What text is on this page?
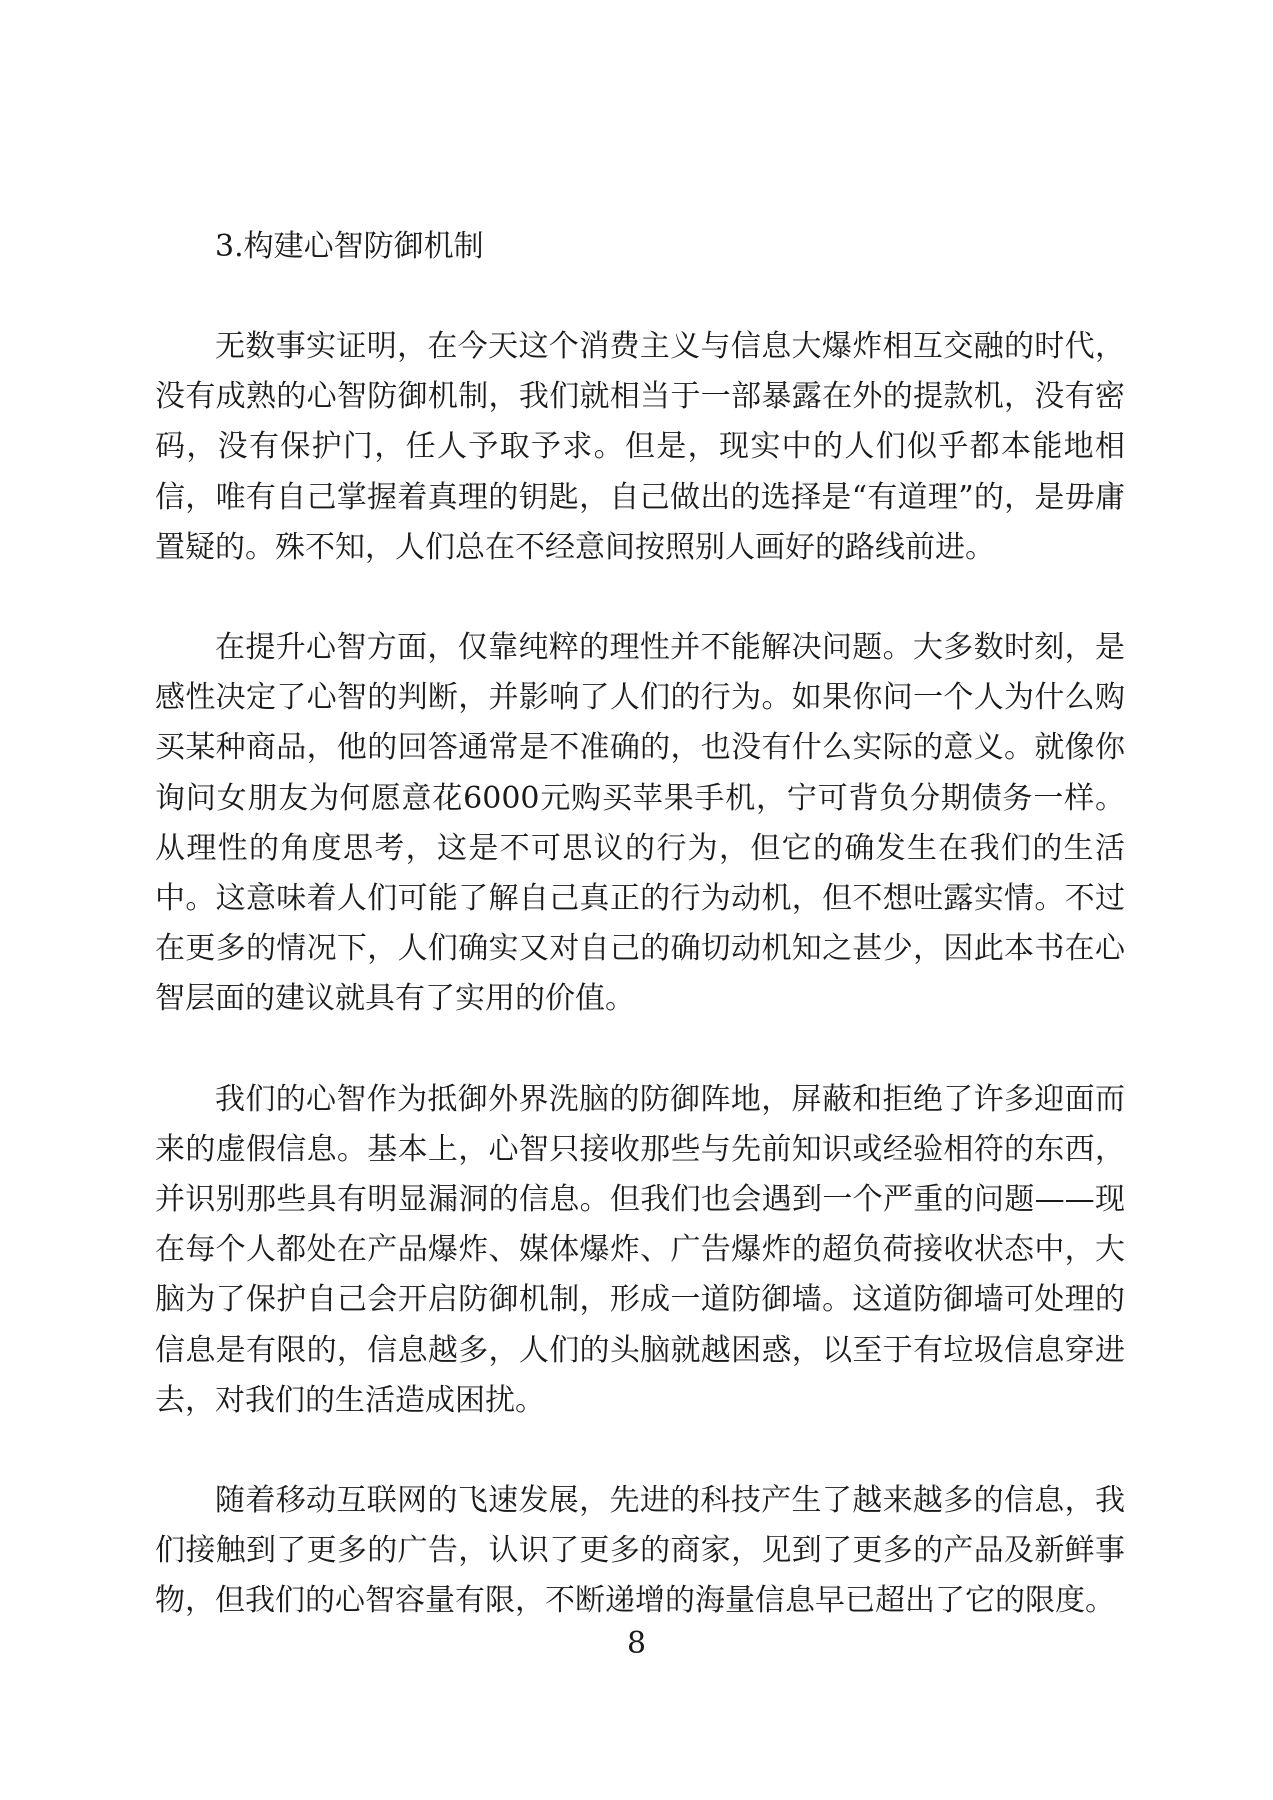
3.构建心智防御机制

无数事实证明，在今天这个消费主义与信息大爆炸相互交融的时代，没有成熟的心智防御机制，我们就相当于一部暴露在外的提款机，没有密码，没有保护门，任人予取予求。但是，现实中的人们似乎都本能地相信，唯有自己掌握着真理的钥匙，自己做出的选择是“有道理”的，是毋庸置疑的。殊不知，人们总在不经意间按照别人画好的路线前进。

在提升心智方面，仅靠纯粹的理性并不能解决问题。大多数时刻，是感性决定了心智的判断，并影响了人们的行为。如果你问一个人为什么购买某种商品，他的回答通常是不准确的，也没有什么实际的意义。就像你询问女朋友为何愿意花6000元购买苹果手机，宁可背负分期债务一样。从理性的角度思考，这是不可思议的行为，但它的确发生在我们的生活中。这意味着人们可能了解自己真正的行为动机，但不想吐露实情。不过在更多的情况下，人们确实又对自己的确切动机知之甚少，因此本书在心智层面的建议就具有了实用的价值。

我们的心智作为抵御外界洗脑的防御阵地，屏蔽和拒绝了许多迎面而来的虚假信息。基本上，心智只接收那些与先前知识或经验相符的东西，并识别那些具有明显漏洞的信息。但我们也会遇到一个严重的问题——现在每个人都处在产品爆炸、媒体爆炸、广告爆炸的超负荷接收状态中，大脑为了保护自己会开启防御机制，形成一道防御墙。这道防御墙可处理的信息是有限的，信息越多，人们的头脑就越困惑，以至于有垃圾信息穿进去，对我们的生活造成困扰。

随着移动互联网的飞速发展，先进的科技产生了越来越多的信息，我们接触到了更多的广告，认识了更多的商家，见到了更多的产品及新鲜事物，但我们的心智容量有限，不断递增的海量信息早已超出了它的限度。

8
